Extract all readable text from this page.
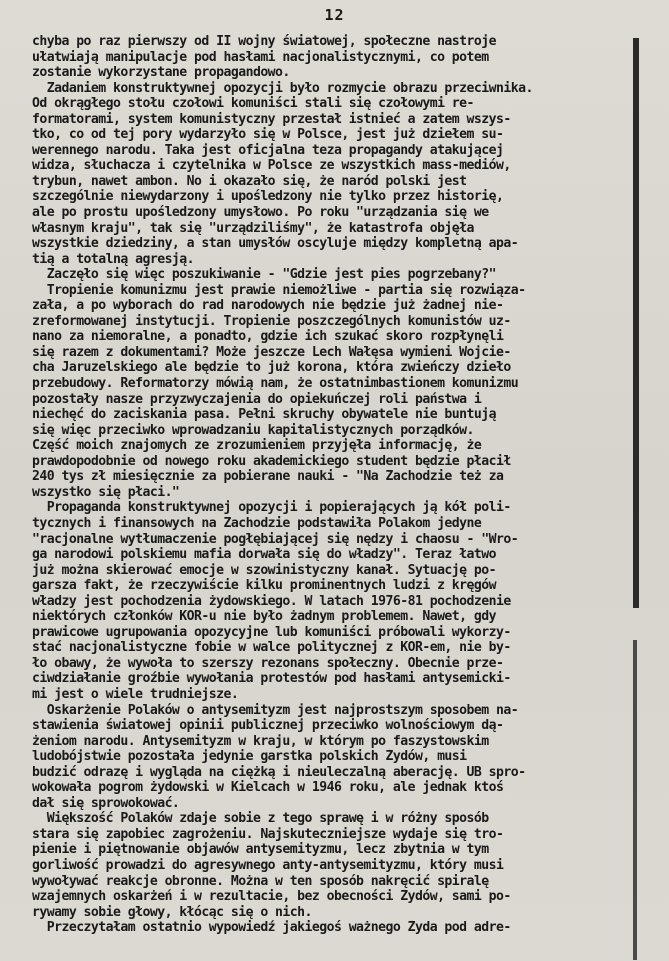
12
chyba po raz pierwszy od II wojny światowej, społeczne nastroje
ułatwiają manipulacje pod hasłami nacjonalistycznymi, co potem
zostanie wykorzystane propagandowo.
Zadaniem konstruktywnej opozycji było rozmycie obrazu przeciwnika.
Od okrągłego stołu czołowi komuniści stali się czołowymi re-
formatorami, system komunistyczny przestał istnieć a zatem wszys-
tko, co od tej pory wydarzyło się w Polsce, jest już dziełem su-
werennego narodu. Taka jest oficjalna teza propagandy atakującej
widza, słuchacza i czytelnika w Polsce ze wszystkich mass-mediów,
trybun, nawet ambon. No i okazało się, że naród polski jest
szczególnie niewydarzony i upośledzony nie tylko przez historię,
ale po prostu upośledzony umysłowo. Po roku "urządzania się we
własnym kraju", tak się "urządziliśmy", że katastrofa objęła
wszystkie dziedziny, a stan umysłów oscyluje między kompletną apa-
tią a totalną agresją.
Zaczęło się więc poszukiwanie - "Gdzie jest pies pogrzebany?"
Tropienie komunizmu jest prawie niemożliwe - partia się rozwiąza-
zała, a po wyborach do rad narodowych nie będzie już żadnej nie-
zreformowanej instytucji. Tropienie poszczególnych komunistów uz-
nano za niemoralne, a ponadto, gdzie ich szukać skoro rozpłynęli
się razem z dokumentami? Może jeszcze Lech Wałęsa wymieni Wojcie-
cha Jaruzelskiego ale będzie to już korona, która zwieńczy dzieło
przebudowy. Reformatorzy mówią nam, że ostatnimbastionem komunizmu
pozostały nasze przyzwyczajenia do opiekuńczej roli państwa i
niechęć do zaciskania pasa. Pełni skruchy obywatele nie buntują
się więc przeciwko wprowadzaniu kapitalistycznych porządków.
Część moich znajomych ze zrozumieniem przyjęła informację, że
prawdopodobnie od nowego roku akademickiego student będzie płacił
240 tys zł miesięcznie za pobierane nauki - "Na Zachodzie też za
wszystko się płaci."
Propaganda konstruktywnej opozycji i popierających ją kół poli-
tycznych i finansowych na Zachodzie podstawiła Polakom jedyne
"racjonalne wytłumaczenie pogłębiającej się nędzy i chaosu - "Wro-
ga narodowi polskiemu mafia dorwała się do władzy". Teraz łatwo
już można skierować emocje w szowinistyczny kanał. Sytuację po-
garsza fakt, że rzeczywiście kilku prominentnych ludzi z kręgów
władzy jest pochodzenia żydowskiego. W latach 1976-81 pochodzenie
niektórych członków KOR-u nie było żadnym problemem. Nawet, gdy
prawicowe ugrupowania opozycyjne lub komuniści próbowali wykorzy-
stać nacjonalistyczne fobie w walce politycznej z KOR-em, nie by-
ło obawy, że wywoła to szerszy rezonans społeczny. Obecnie prze-
ciwdziałanie groźbie wywołania protestów pod hasłami antysemicki-
mi jest o wiele trudniejsze.
Oskarżenie Polaków o antysemityzm jest najprostszym sposobem na-
stawienia światowej opinii publicznej przeciwko wolnościowym dą-
żeniom narodu. Antysemityzm w kraju, w którym po faszystowskim
ludobójstwie pozostała jedynie garstka polskich Żydów, musi
budzić odrazę i wygląda na ciężką i nieuleczalną aberację. UB spro-
wokowała pogrom żydowski w Kielcach w 1946 roku, ale jednak ktoś
dał się sprowokować.
Większość Polaków zdaje sobie z tego sprawę i w różny sposób
stara się zapobiec zagrożeniu. Najskuteczniejsze wydaje się tro-
pienie i piętnowanie objawów antysemityzmu, lecz zbytnia w tym
gorliwość prowadzi do agresywnego anty-antysemityzmu, który musi
wywoływać reakcje obronne. Można w ten sposób nakręcić spiralę
wzajemnych oskarżeń i w rezultacie, bez obecności Żydów, sami po-
rywamy sobie głowy, kłócąc się o nich.
Przeczytałam ostatnio wypowiedź jakiegoś ważnego Żyda pod adre-
